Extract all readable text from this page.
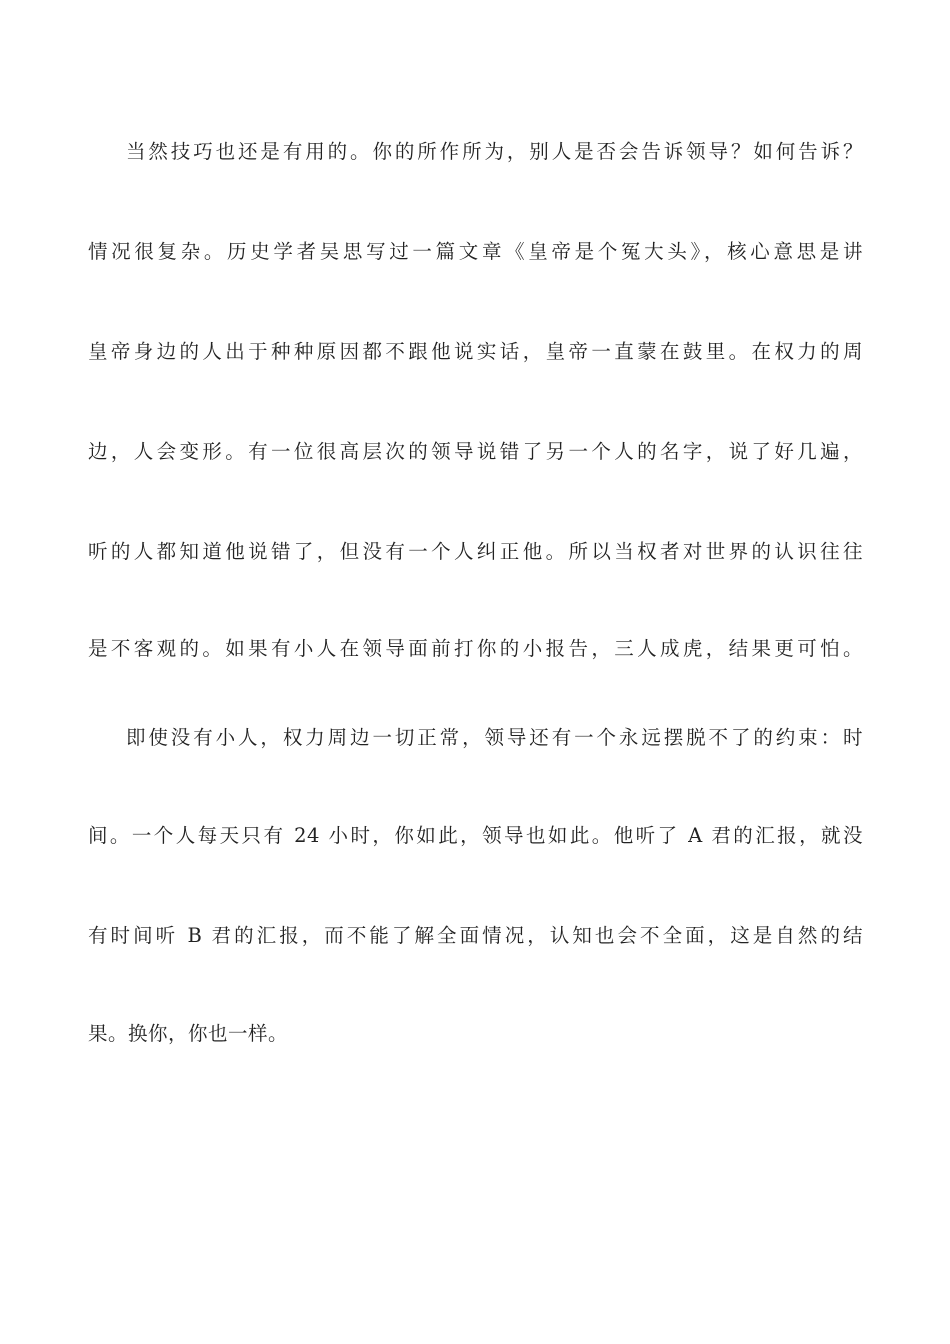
当然技巧也还是有用的。你的所作所为，别人是否会告诉领导？如何告诉？
情况很复杂。历史学者吴思写过一篇文章《皇帝是个冤大头》，核心意思是讲
皇帝身边的人出于种种原因都不跟他说实话，皇帝一直蒙在鼓里。在权力的周
边，人会变形。有一位很高层次的领导说错了另一个人的名字，说了好几遍，
听的人都知道他说错了，但没有一个人纠正他。所以当权者对世界的认识往往
是不客观的。如果有小人在领导面前打你的小报告，三人成虎，结果更可怕。
即使没有小人，权力周边一切正常，领导还有一个永远摆脱不了的约束：时
间。一个人每天只有 24 小时，你如此，领导也如此。他听了 A 君的汇报，就没
有时间听 B 君的汇报，而不能了解全面情况，认知也会不全面，这是自然的结
果。换你，你也一样。
